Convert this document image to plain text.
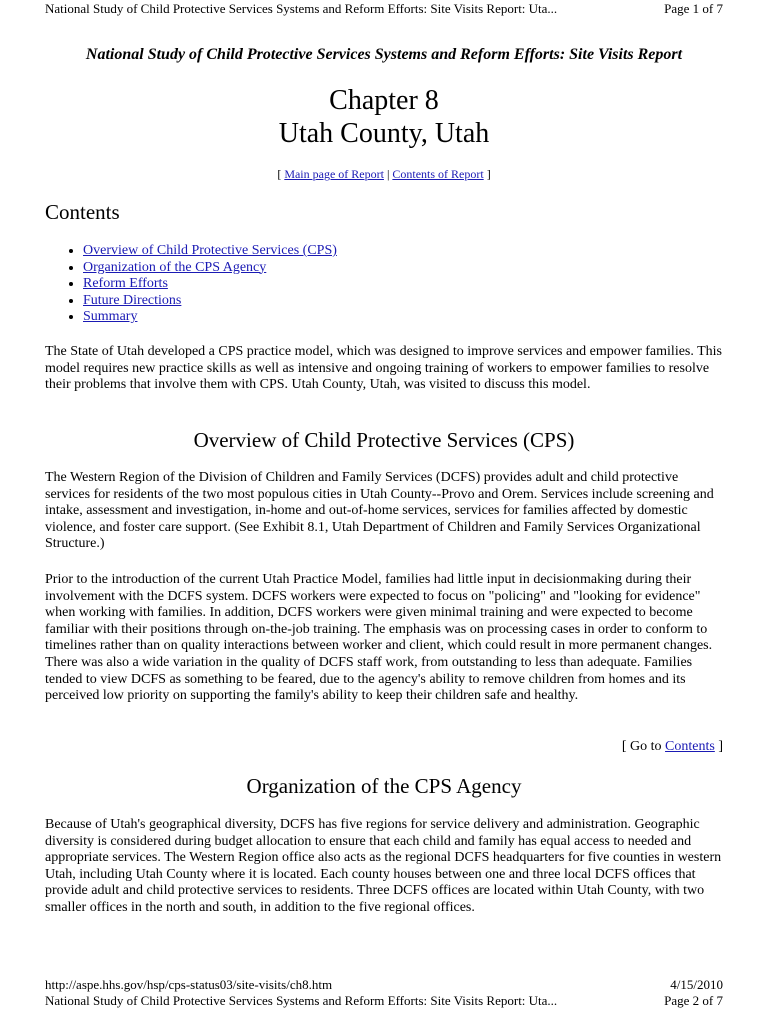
National Study of Child Protective Services Systems and Reform Efforts: Site Visits Report: Uta...	Page 1 of 7
National Study of Child Protective Services Systems and Reform Efforts: Site Visits Report
Chapter 8
Utah County, Utah
[ Main page of Report | Contents of Report ]
Contents
• Overview of Child Protective Services (CPS)
• Organization of the CPS Agency
• Reform Efforts
• Future Directions
• Summary

The State of Utah developed a CPS practice model, which was designed to improve services and empower families. This model requires new practice skills as well as intensive and ongoing training of workers to empower families to resolve their problems that involve them with CPS. Utah County, Utah, was visited to discuss this model.

Overview of Child Protective Services (CPS)

The Western Region of the Division of Children and Family Services (DCFS) provides adult and child protective services for residents of the two most populous cities in Utah County--Provo and Orem. Services include screening and intake, assessment and investigation, in-home and out-of-home services, services for families affected by domestic violence, and foster care support. (See Exhibit 8.1, Utah Department of Children and Family Services Organizational Structure.)

Prior to the introduction of the current Utah Practice Model, families had little input in decisionmaking during their involvement with the DCFS system. DCFS workers were expected to focus on "policing" and "looking for evidence" when working with families. In addition, DCFS workers were given minimal training and were expected to become familiar with their positions through on-the-job training. The emphasis was on processing cases in order to conform to timelines rather than on quality interactions between worker and client, which could result in more permanent changes. There was also a wide variation in the quality of DCFS staff work, from outstanding to less than adequate. Families tended to view DCFS as something to be feared, due to the agency's ability to remove children from homes and its perceived low priority on supporting the family's ability to keep their children safe and healthy.

[ Go to Contents ]
Organization of the CPS Agency

Because of Utah's geographical diversity, DCFS has five regions for service delivery and administration. Geographic diversity is considered during budget allocation to ensure that each child and family has equal access to needed and appropriate services. The Western Region office also acts as the regional DCFS headquarters for five counties in western Utah, including Utah County where it is located. Each county houses between one and three local DCFS offices that provide adult and child protective services to residents. Three DCFS offices are located within Utah County, with two smaller offices in the north and south, in addition to the five regional offices.

http://aspe.hhs.gov/hsp/cps-status03/site-visits/ch8.htm	4/15/2010
National Study of Child Protective Services Systems and Reform Efforts: Site Visits Report: Uta...	Page 2 of 7
